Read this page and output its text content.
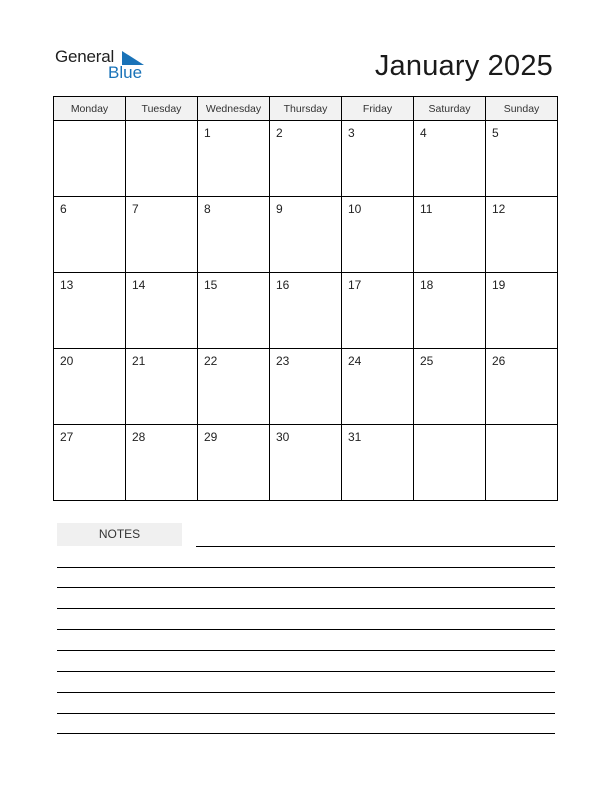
General
Blue	January 2025
Monday	Tuesday	Wednesday	Thursday	Friday	Saturday	Sunday

		1	2	3	4	5

6	7	8	9	10	11	12

13	14	15	16	17	18	19

20	21	22	23	24	25	26

27	28	29	30	31		

NOTES
